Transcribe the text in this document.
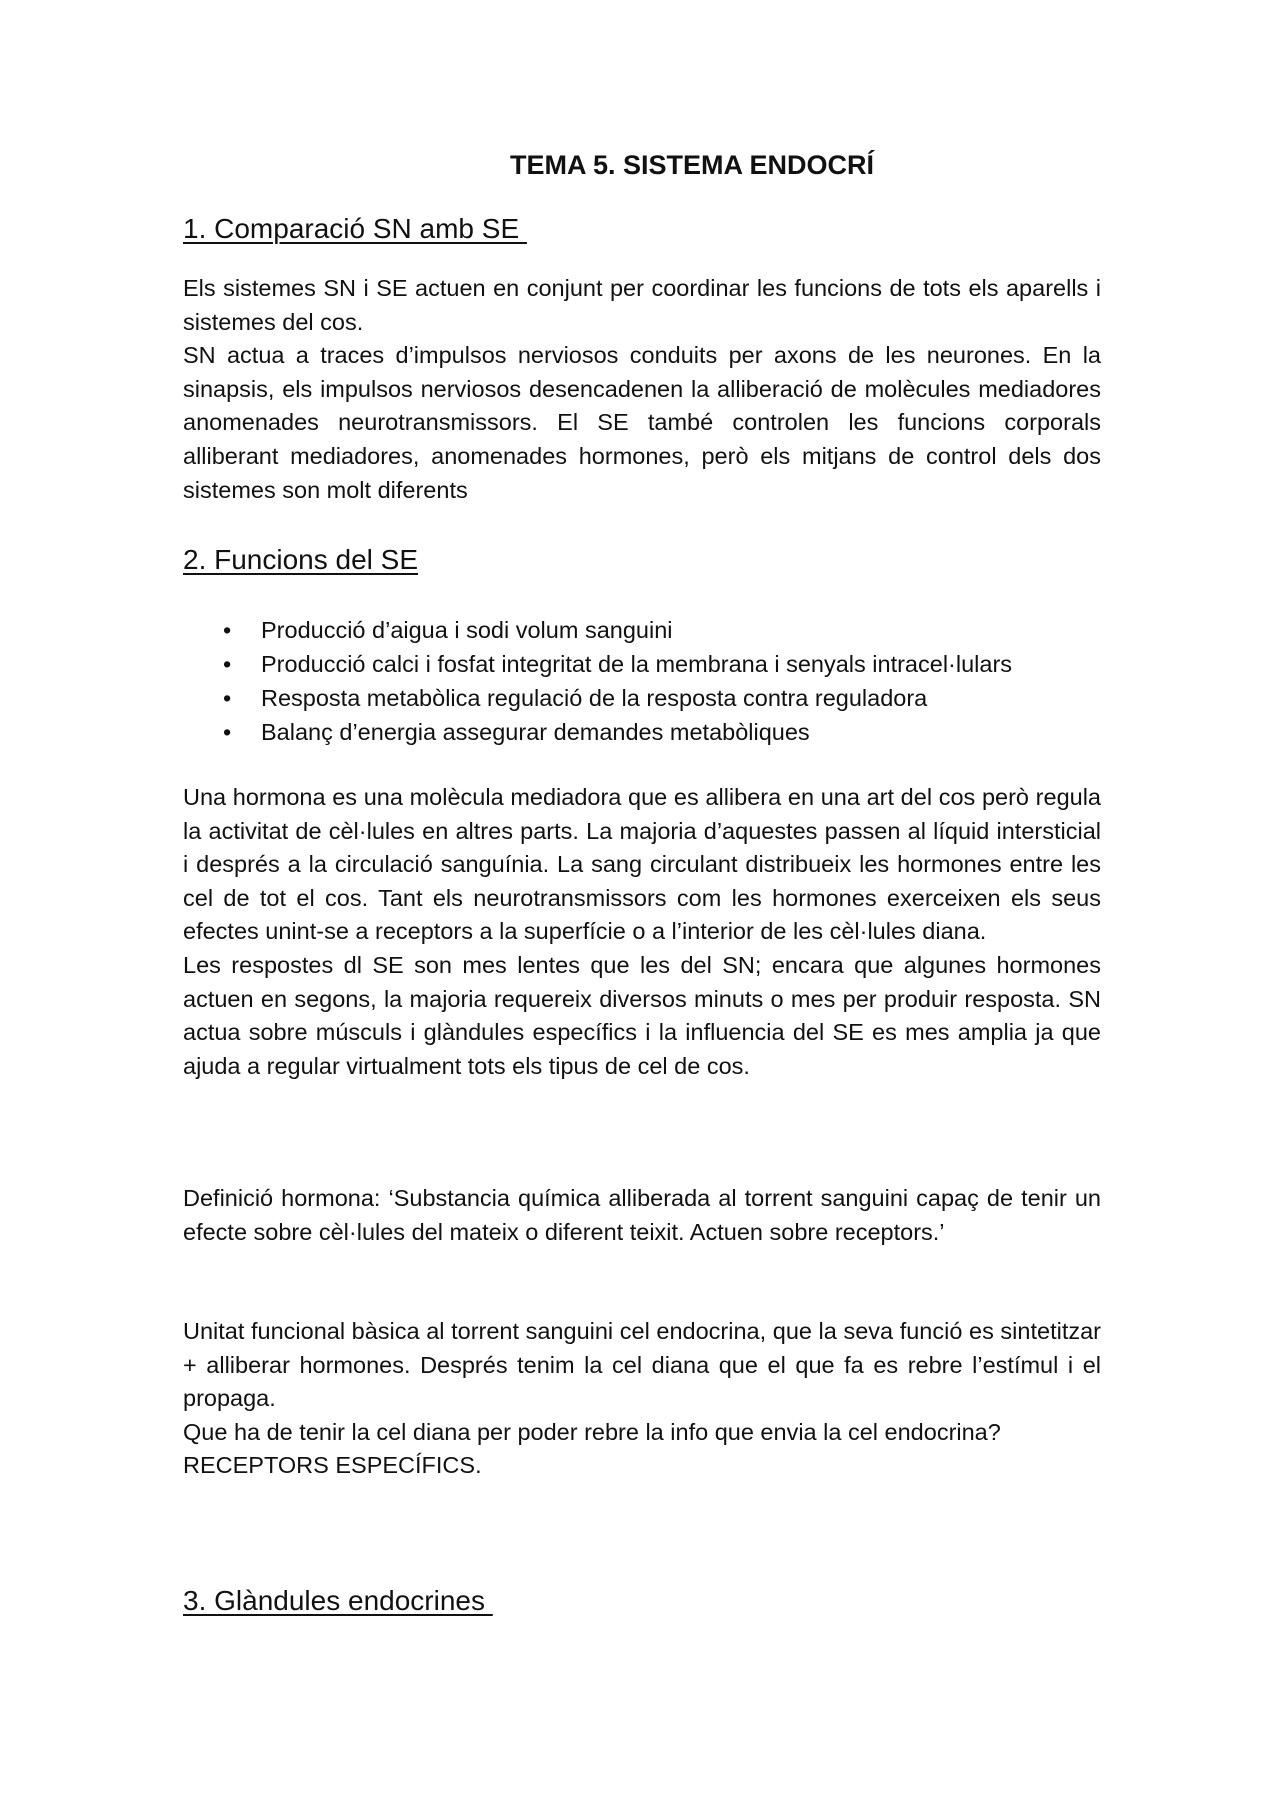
TEMA 5. SISTEMA ENDOCRÍ
1. Comparació SN amb SE

Els sistemes SN i SE actuen en conjunt per coordinar les funcions de tots els aparells i sistemes del cos.

SN actua a traces d’impulsos nerviosos conduits per axons de les neurones. En la sinapsis, els impulsos nerviosos desencadenen la alliberació de molècules mediadores anomenades neurotransmissors. El SE també controlen les funcions corporals alliberant mediadores, anomenades hormones, però els mitjans de control dels dos sistemes son molt diferents

2. Funcions del SE
• Producció d’aigua i sodi volum sanguini
• Producció calci i fosfat integritat de la membrana i senyals intracel·lulars
• Resposta metabòlica regulació de la resposta contra reguladora
• Balanç d’energia assegurar demandes metabòliques

Una hormona es una molècula mediadora que es allibera en una art del cos però regula la activitat de cèl·lules en altres parts. La majoria d’aquestes passen al líquid intersticial i després a la circulació sanguínia. La sang circulant distribueix les hormones entre les cel de tot el cos. Tant els neurotransmissors com les hormones exerceixen els seus efectes unint-se a receptors a la superfície o a l’interior de les cèl·lules diana.

Les respostes dl SE son mes lentes que les del SN; encara que algunes hormones actuen en segons, la majoria requereix diversos minuts o mes per produir resposta. SN actua sobre músculs i glàndules específics i la influencia del SE es mes amplia ja que ajuda a regular virtualment tots els tipus de cel de cos.

Definició hormona: ‘Substancia química alliberada al torrent sanguini capaç de tenir un efecte sobre cèl·lules del mateix o diferent teixit. Actuen sobre receptors.’

Unitat funcional bàsica al torrent sanguini cel endocrina, que la seva funció es sintetitzar + alliberar hormones. Després tenim la cel diana que el que fa es rebre l’estímul i el propaga.

Que ha de tenir la cel diana per poder rebre la info que envia la cel endocrina?

RECEPTORS ESPECÍFICS.

3. Glàndules endocrines
